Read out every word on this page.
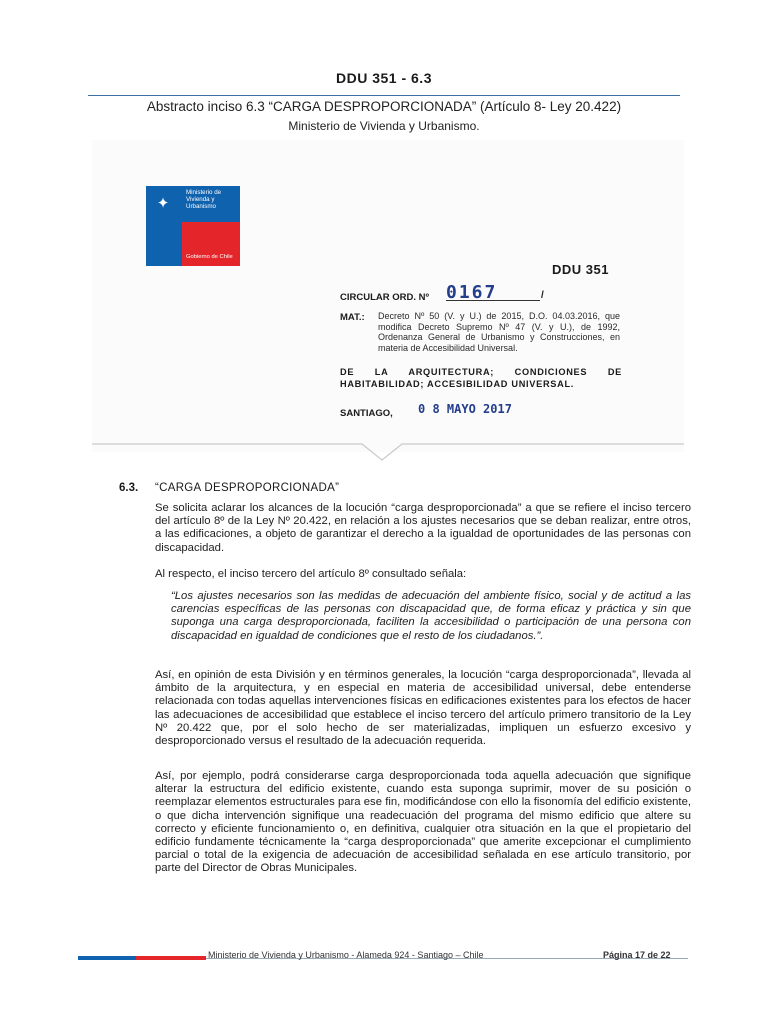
DDU 351 - 6.3
Abstracto inciso 6.3 “CARGA DESPROPORCIONADA” (Artículo 8- Ley 20.422)
Ministerio de Vivienda y Urbanismo.
✦
Ministerio de
Vivienda y
Urbanismo
Gobierno de Chile
DDU 351
CIRCULAR ORD. Nº 0167	/
MAT.: Decreto Nº 50 (V. y U.) de 2015, D.O. 04.03.2016, que modifica Decreto Supremo Nº 47 (V. y U.), de 1992, Ordenanza General de Urbanismo y Construcciones, en materia de Accesibilidad Universal.
DE LA ARQUITECTURA; CONDICIONES DE HABITABILIDAD; ACCESIBILIDAD UNIVERSAL.
SANTIAGO, 0 8 MAYO 2017
6.3. “CARGA DESPROPORCIONADA”
Se solicita aclarar los alcances de la locución “carga desproporcionada” a que se refiere el inciso tercero del artículo 8º de la Ley Nº 20.422, en relación a los ajustes necesarios que se deban realizar, entre otros, a las edificaciones, a objeto de garantizar el derecho a la igualdad de oportunidades de las personas con discapacidad.
Al respecto, el inciso tercero del artículo 8º consultado señala:
“Los ajustes necesarios son las medidas de adecuación del ambiente físico, social y de actitud a las carencias específicas de las personas con discapacidad que, de forma eficaz y práctica y sin que suponga una carga desproporcionada, faciliten la accesibilidad o participación de una persona con discapacidad en igualdad de condiciones que el resto de los ciudadanos.”.
Así, en opinión de esta División y en términos generales, la locución “carga desproporcionada”, llevada al ámbito de la arquitectura, y en especial en materia de accesibilidad universal, debe entenderse relacionada con todas aquellas intervenciones físicas en edificaciones existentes para los efectos de hacer las adecuaciones de accesibilidad que establece el inciso tercero del artículo primero transitorio de la Ley Nº 20.422 que, por el solo hecho de ser materializadas, impliquen un esfuerzo excesivo y desproporcionado versus el resultado de la adecuación requerida.
Así, por ejemplo, podrá considerarse carga desproporcionada toda aquella adecuación que signifique alterar la estructura del edificio existente, cuando esta suponga suprimir, mover de su posición o reemplazar elementos estructurales para ese fin, modificándose con ello la fisonomía del edificio existente, o que dicha intervención signifique una readecuación del programa del mismo edificio que altere su correcto y eficiente funcionamiento o, en definitiva, cualquier otra situación en la que el propietario del edificio fundamente técnicamente la “carga desproporcionada” que amerite excepcionar el cumplimiento parcial o total de la exigencia de adecuación de accesibilidad señalada en ese artículo transitorio, por parte del Director de Obras Municipales.
Ministerio de Vivienda y Urbanismo - Alameda 924 - Santiago – Chile	Página 17 de 22
